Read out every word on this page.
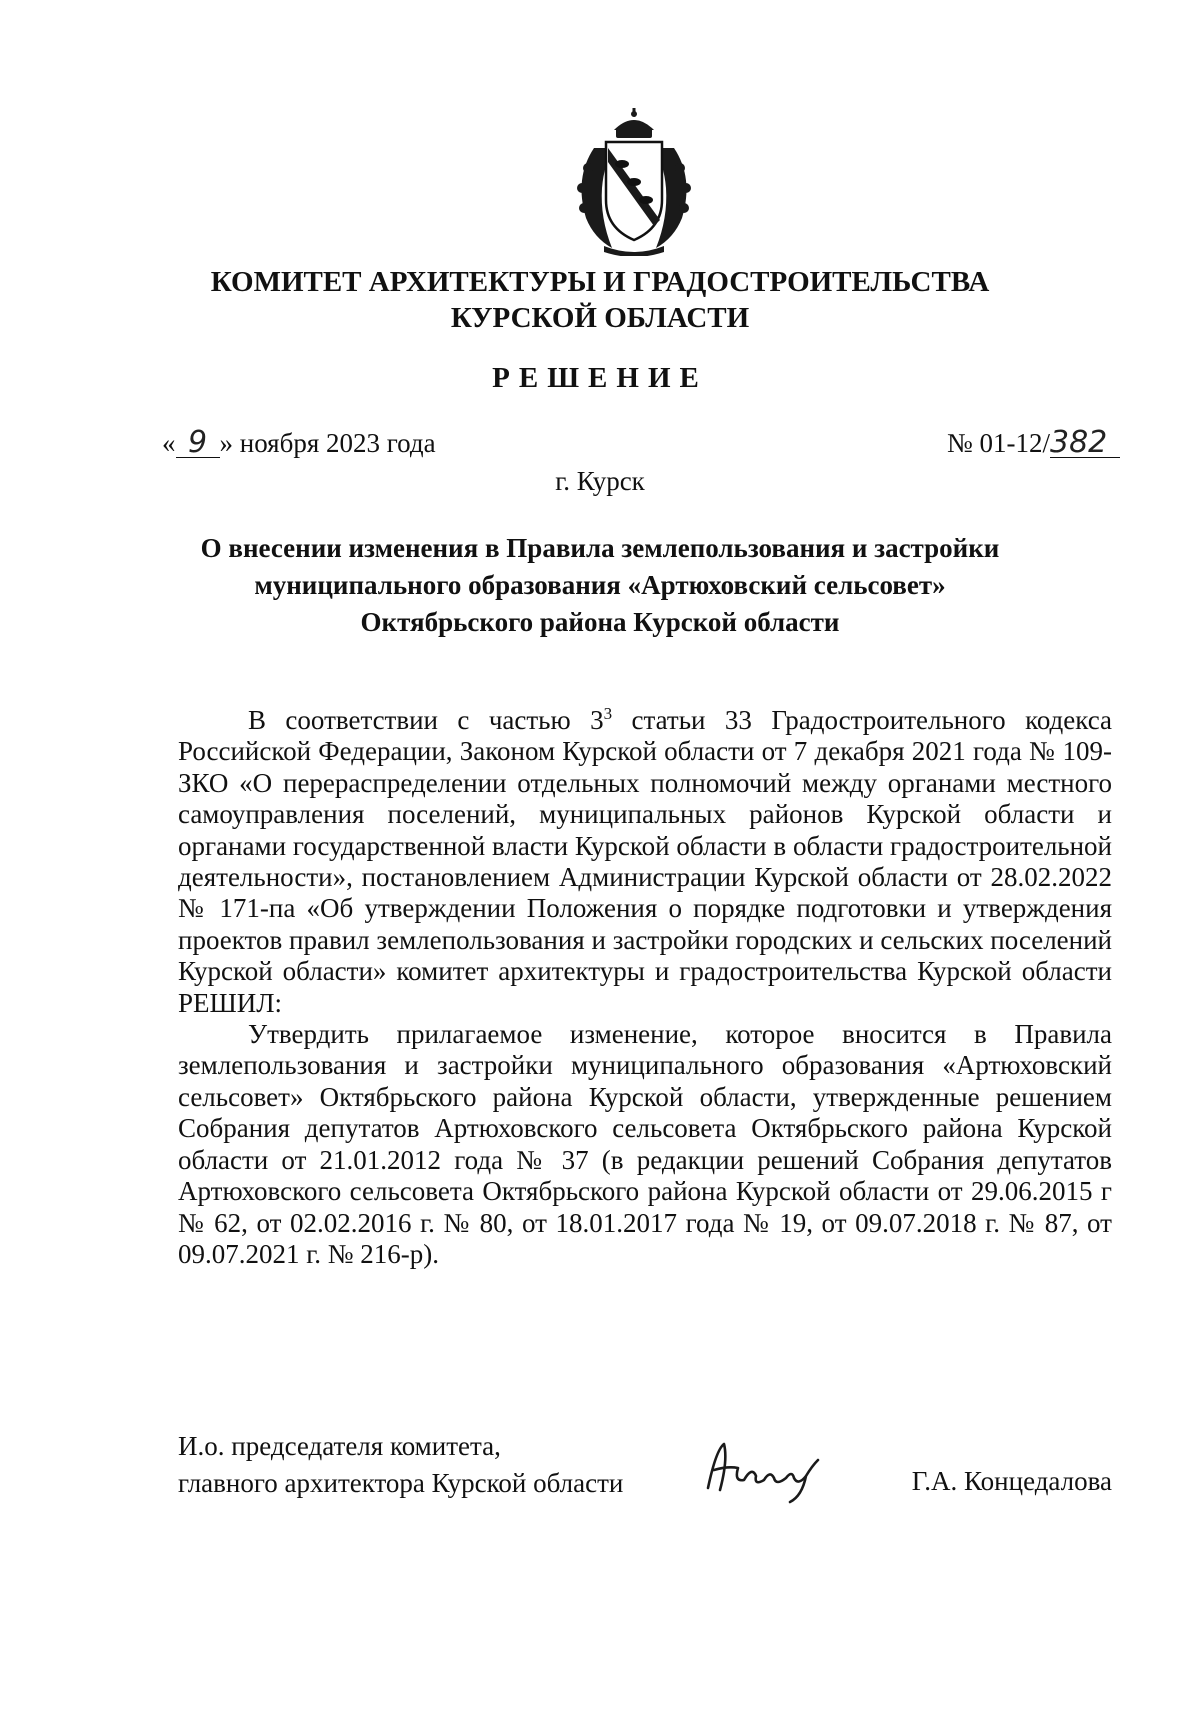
КОМИТЕТ АРХИТЕКТУРЫ И ГРАДОСТРОИТЕЛЬСТВА
КУРСКОЙ ОБЛАСТИ
РЕШЕНИЕ
« 9 » ноября 2023 года	№ 01-12/382
г. Курск
О внесении изменения в Правила землепользования и застройки
муниципального образования «Артюховский сельсовет»
Октябрьского района Курской области

В соответствии с частью $3^3$ статьи 33 Градостроительного кодекса Российской Федерации, Законом Курской области от 7 декабря 2021 года № 109-ЗКО «О перераспределении отдельных полномочий между органами местного самоуправления поселений, муниципальных районов Курской области и органами государственной власти Курской области в области градостроительной деятельности», постановлением Администрации Курской области от 28.02.2022 № 171-па «Об утверждении Положения о порядке подготовки и утверждения проектов правил землепользования и застройки городских и сельских поселений Курской области» комитет архитектуры и градостроительства Курской области РЕШИЛ:

Утвердить прилагаемое изменение, которое вносится в Правила землепользования и застройки муниципального образования «Артюховский сельсовет» Октябрьского района Курской области, утвержденные решением Собрания депутатов Артюховского сельсовета Октябрьского района Курской области от 21.01.2012 года № 37 (в редакции решений Собрания депутатов Артюховского сельсовета Октябрьского района Курской области от 29.06.2015 г № 62, от 02.02.2016 г. № 80, от 18.01.2017 года № 19, от 09.07.2018 г. № 87, от 09.07.2021 г. № 216-р).

И.о. председателя комитета,
главного архитектора Курской области	Г.А. Концедалова
